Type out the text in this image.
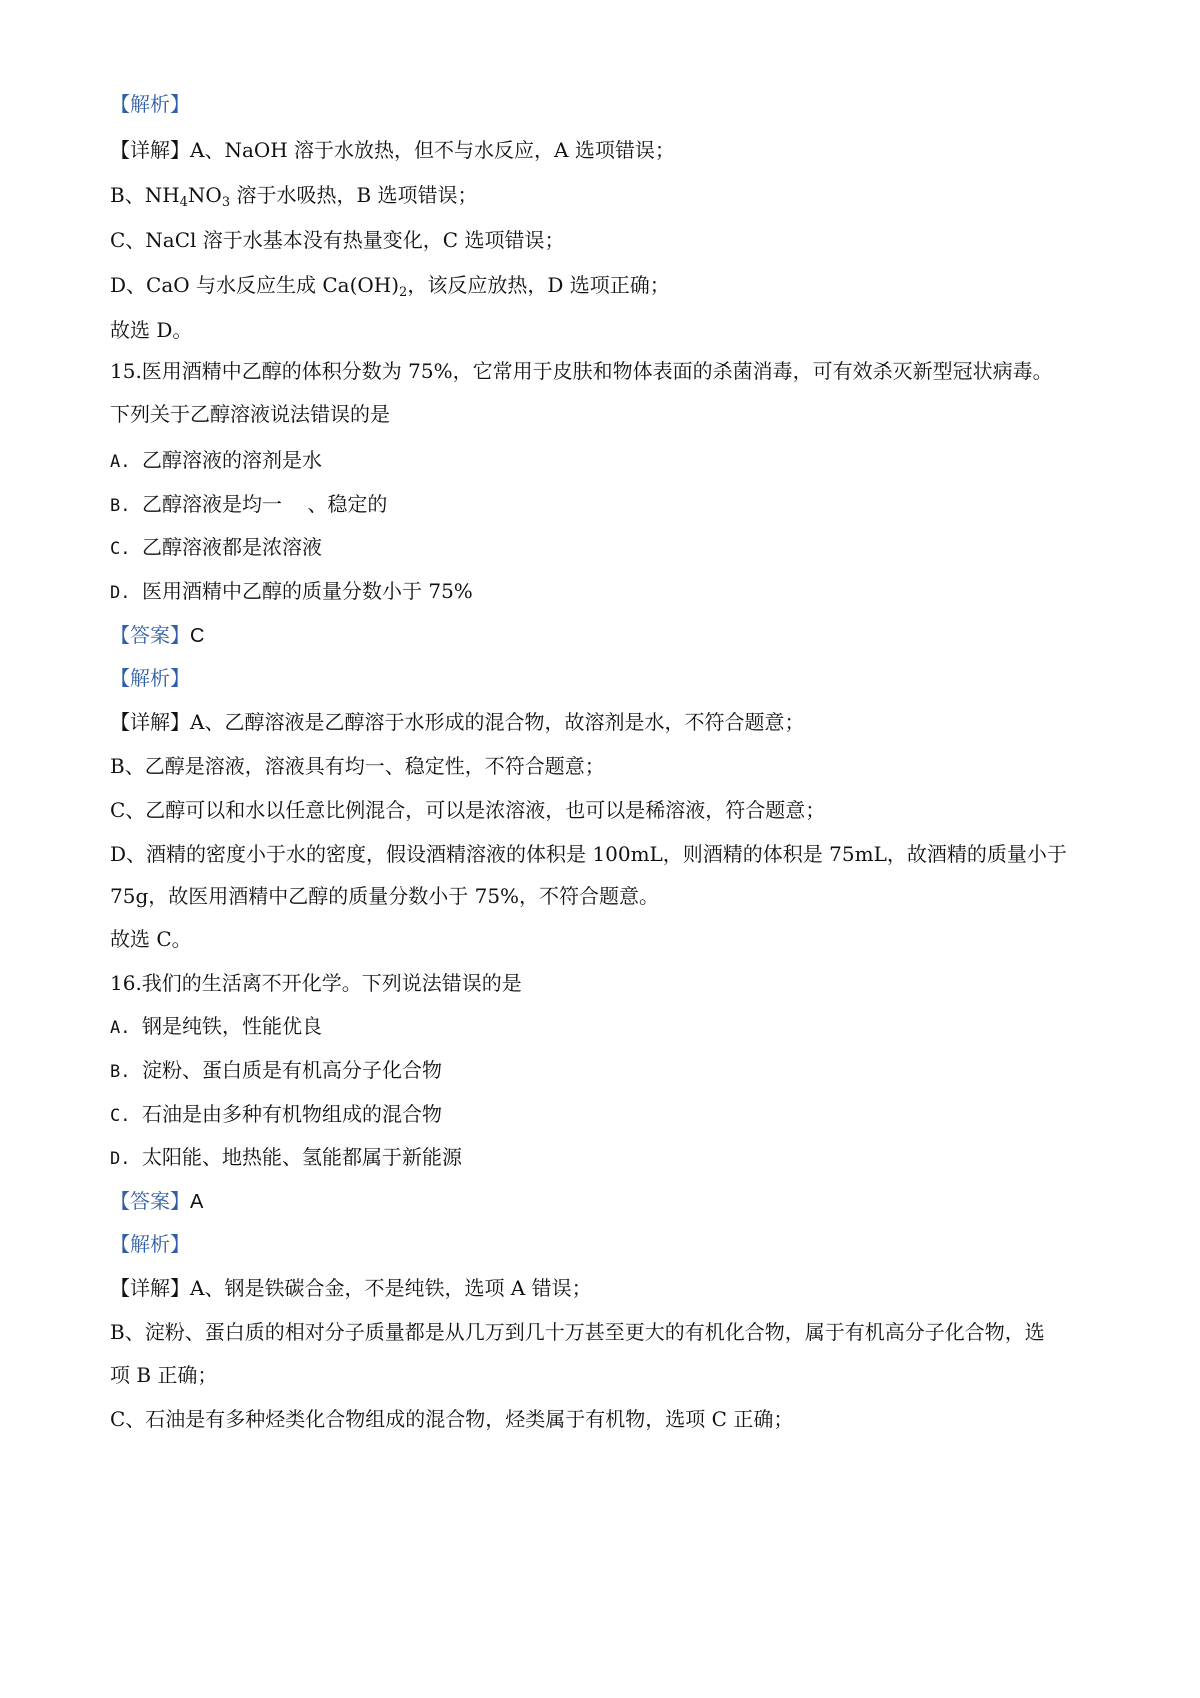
【解析】
【详解】A、NaOH 溶于水放热，但不与水反应，A 选项错误；
B、$NH_4NO_3$ 溶于水吸热，B 选项错误；
C、NaCl 溶于水基本没有热量变化，C 选项错误；
D、CaO 与水反应生成 $Ca(OH)_2$，该反应放热，D 选项正确；
故选 D。
15.医用酒精中乙醇的体积分数为 75%，它常用于皮肤和物体表面的杀菌消毒，可有效杀灭新型冠状病毒。
下列关于乙醇溶液说法错误的是
A. 乙醇溶液的溶剂是水
B. 乙醇溶液是均一    、稳定的
C. 乙醇溶液都是浓溶液
D. 医用酒精中乙醇的质量分数小于 75%
【答案】C
【解析】
【详解】A、乙醇溶液是乙醇溶于水形成的混合物，故溶剂是水，不符合题意；
B、乙醇是溶液，溶液具有均一、稳定性，不符合题意；
C、乙醇可以和水以任意比例混合，可以是浓溶液，也可以是稀溶液，符合题意；
D、酒精的密度小于水的密度，假设酒精溶液的体积是 100mL，则酒精的体积是 75mL，故酒精的质量小于
75g，故医用酒精中乙醇的质量分数小于 75%，不符合题意。
故选 C。
16.我们的生活离不开化学。下列说法错误的是
A. 钢是纯铁，性能优良
B. 淀粉、蛋白质是有机高分子化合物
C. 石油是由多种有机物组成的混合物
D. 太阳能、地热能、氢能都属于新能源
【答案】A
【解析】
【详解】A、钢是铁碳合金，不是纯铁，选项 A 错误；
B、淀粉、蛋白质的相对分子质量都是从几万到几十万甚至更大的有机化合物，属于有机高分子化合物，选
项 B 正确；
C、石油是有多种烃类化合物组成的混合物，烃类属于有机物，选项 C 正确；
